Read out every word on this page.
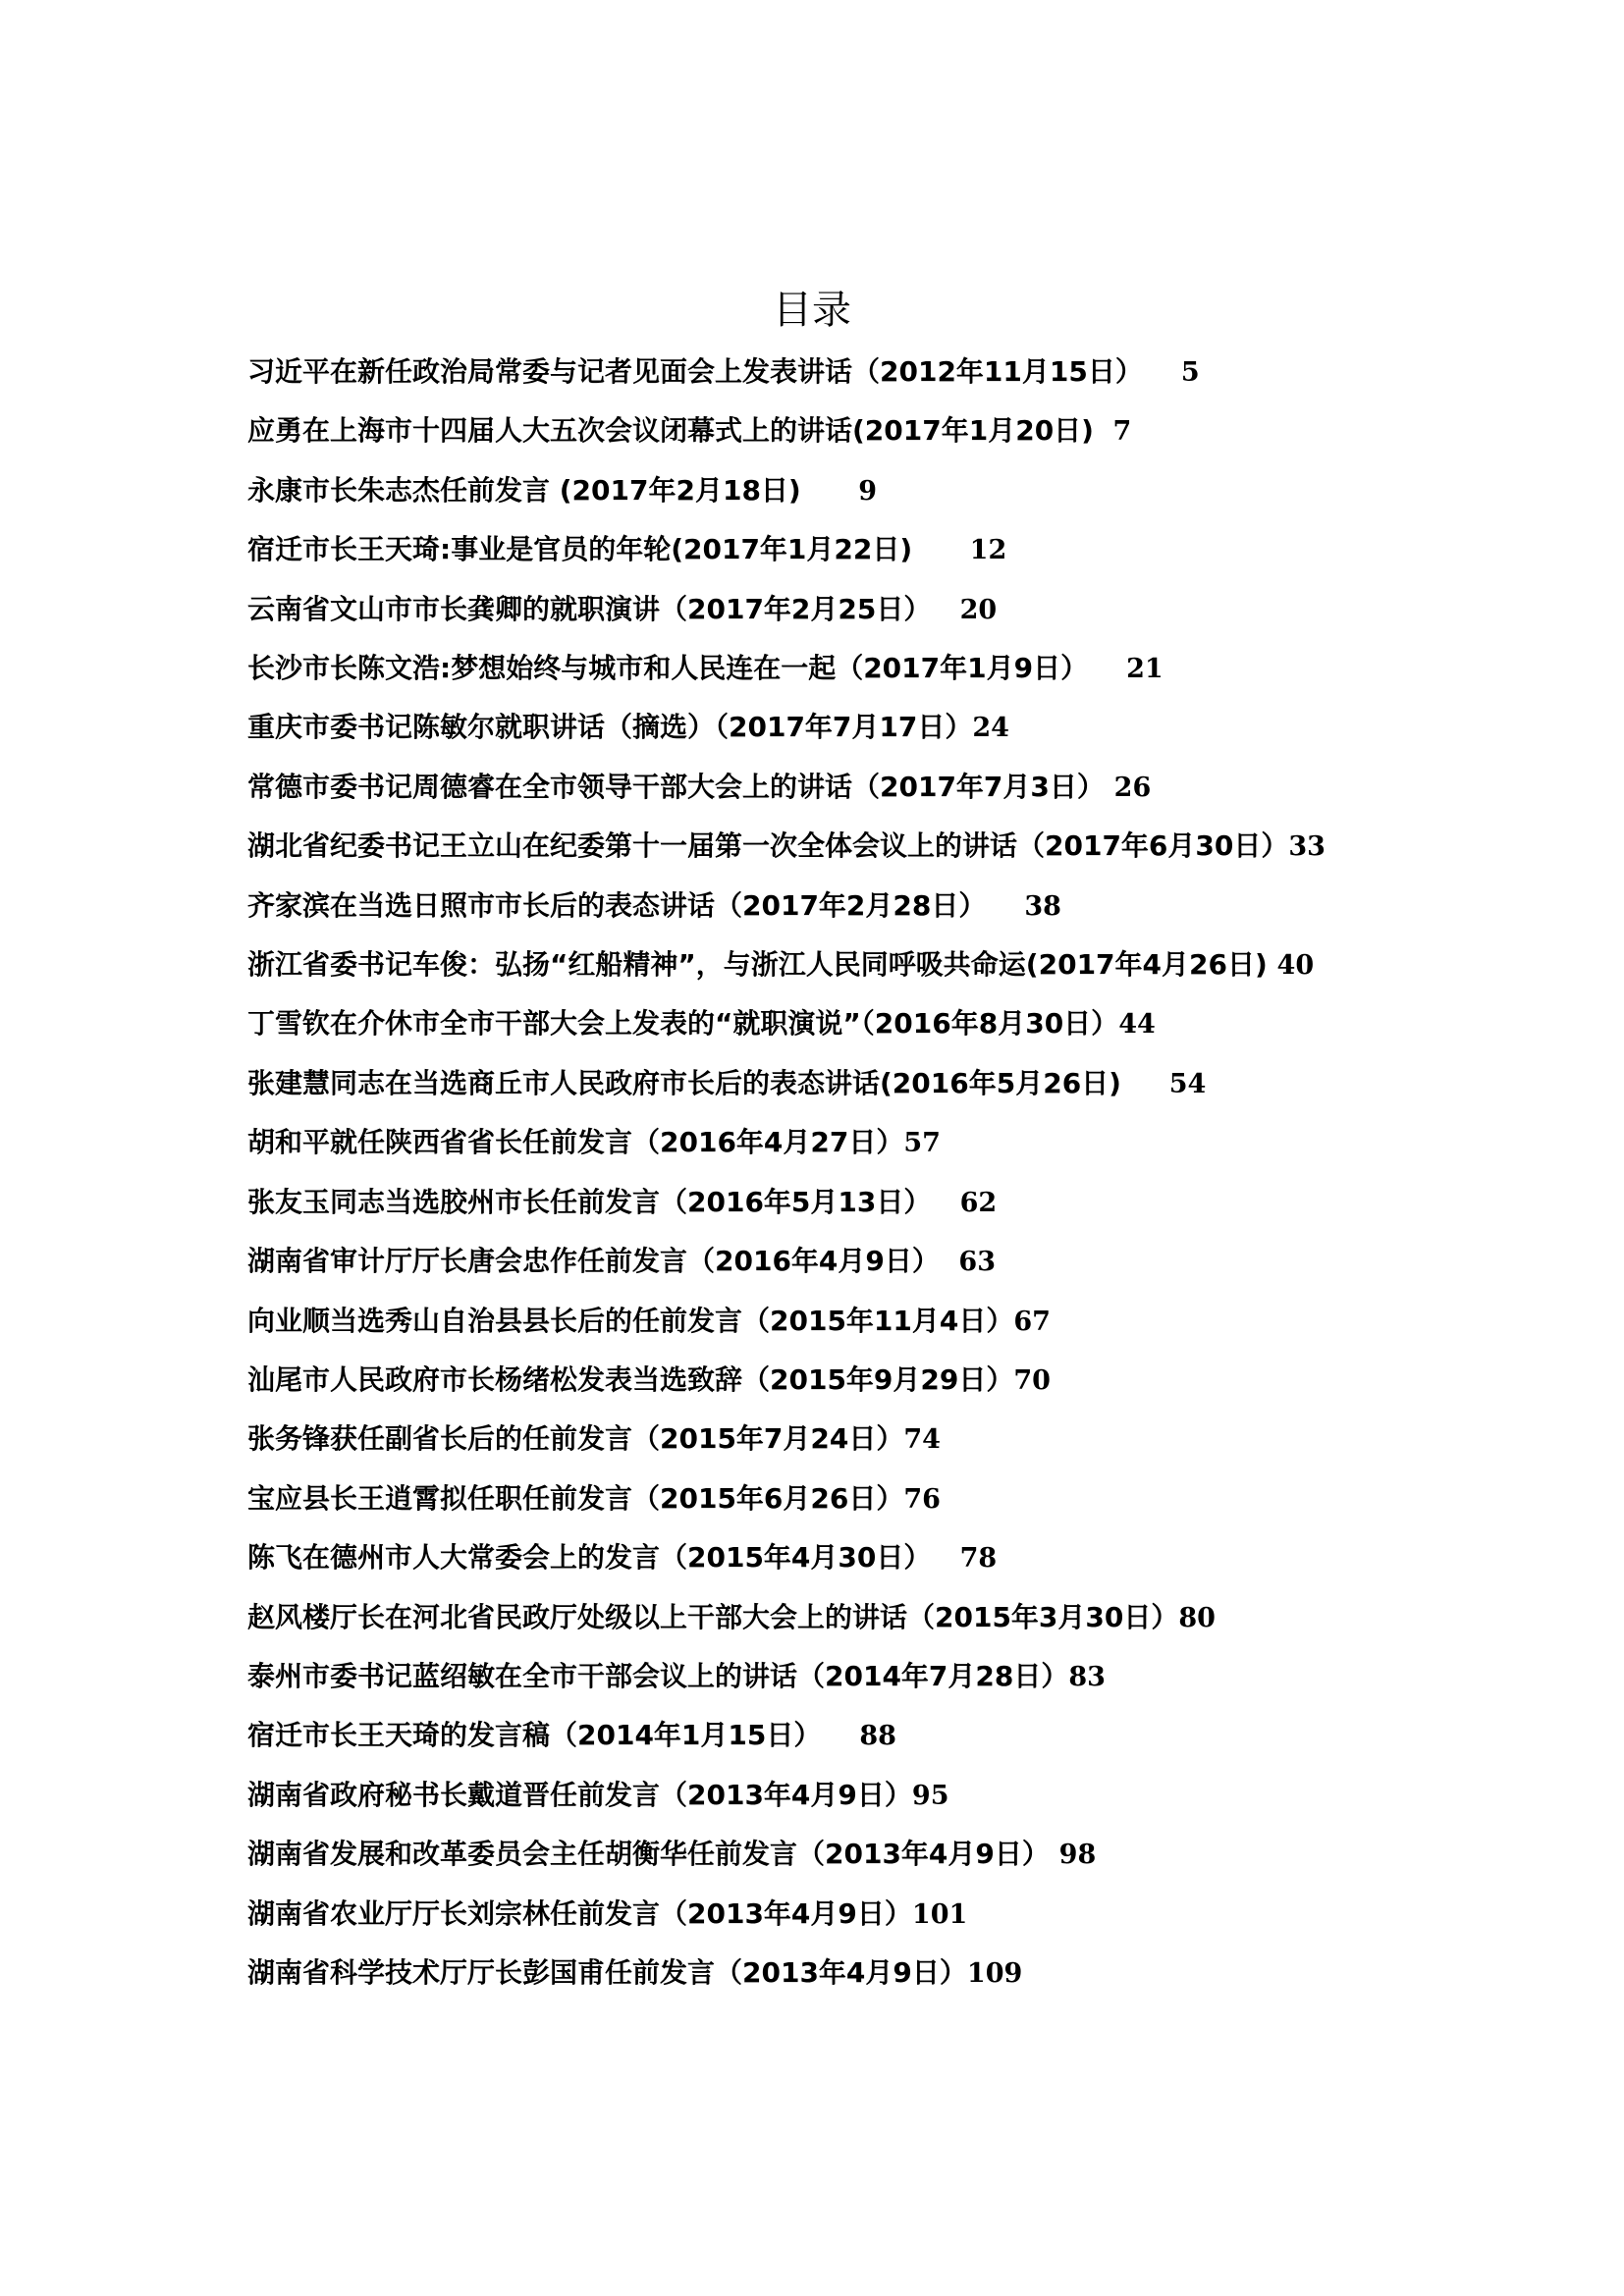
目录
习近平在新任政治局常委与记者见面会上发表讲话（2012年11月15日） 5
应勇在上海市十四届人大五次会议闭幕式上的讲话(2017年1月20日) 7
永康市长朱志杰任前发言 (2017年2月18日) 9
宿迁市长王天琦:事业是官员的年轮(2017年1月22日) 12
云南省文山市市长龚卿的就职演讲（2017年2月25日） 20
长沙市长陈文浩:梦想始终与城市和人民连在一起（2017年1月9日） 21
重庆市委书记陈敏尔就职讲话（摘选）（2017年7月17日）24
常德市委书记周德睿在全市领导干部大会上的讲话（2017年7月3日） 26
湖北省纪委书记王立山在纪委第十一届第一次全体会议上的讲话（2017年6月30日）33
齐家滨在当选日照市市长后的表态讲话（2017年2月28日） 38
浙江省委书记车俊：弘扬“红船精神”，与浙江人民同呼吸共命运(2017年4月26日) 40
丁雪钦在介休市全市干部大会上发表的“就职演说”（2016年8月30日）44
张建慧同志在当选商丘市人民政府市长后的表态讲话(2016年5月26日) 54
胡和平就任陕西省省长任前发言（2016年4月27日）57
张友玉同志当选胶州市长任前发言（2016年5月13日） 62
湖南省审计厅厅长唐会忠作任前发言（2016年4月9日） 63
向业顺当选秀山自治县县长后的任前发言（2015年11月4日）67
汕尾市人民政府市长杨绪松发表当选致辞（2015年9月29日）70
张务锋获任副省长后的任前发言（2015年7月24日）74
宝应县长王逍霄拟任职任前发言（2015年6月26日）76
陈飞在德州市人大常委会上的发言（2015年4月30日） 78
赵风楼厅长在河北省民政厅处级以上干部大会上的讲话（2015年3月30日）80
泰州市委书记蓝绍敏在全市干部会议上的讲话（2014年7月28日）83
宿迁市长王天琦的发言稿（2014年1月15日） 88
湖南省政府秘书长戴道晋任前发言（2013年4月9日）95
湖南省发展和改革委员会主任胡衡华任前发言（2013年4月9日） 98
湖南省农业厅厅长刘宗林任前发言（2013年4月9日）101
湖南省科学技术厅厅长彭国甫任前发言（2013年4月9日）109
